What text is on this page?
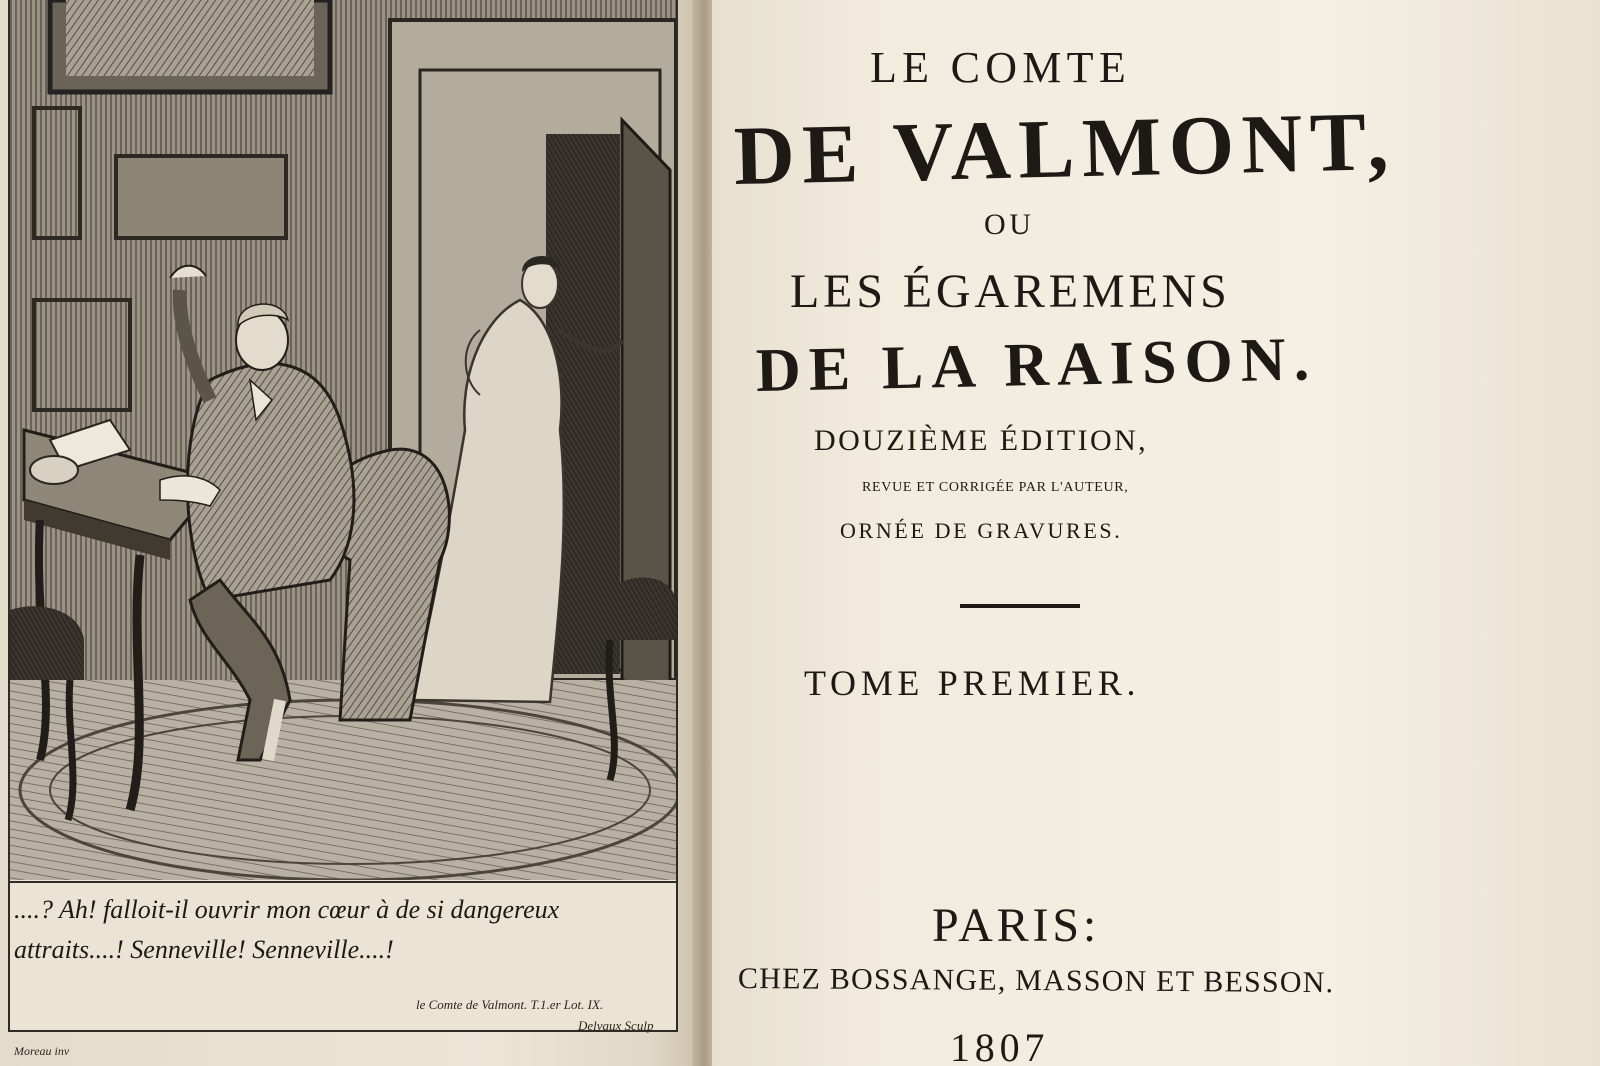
....? Ah! falloit-il ouvrir mon cœur à de si dangereux
attraits....! Senneville! Senneville....!
le Comte de Valmont. T.1.er Lot. IX.
Delvaux Sculp
Moreau inv
LE COMTE
DE VALMONT,
OU
LES ÉGAREMENS
DE LA RAISON.
DOUZIÈME ÉDITION,
REVUE ET CORRIGÉE PAR L'AUTEUR,
ORNÉE DE GRAVURES.
TOME PREMIER.
PARIS:
CHEZ BOSSANGE, MASSON ET BESSON.
1807
